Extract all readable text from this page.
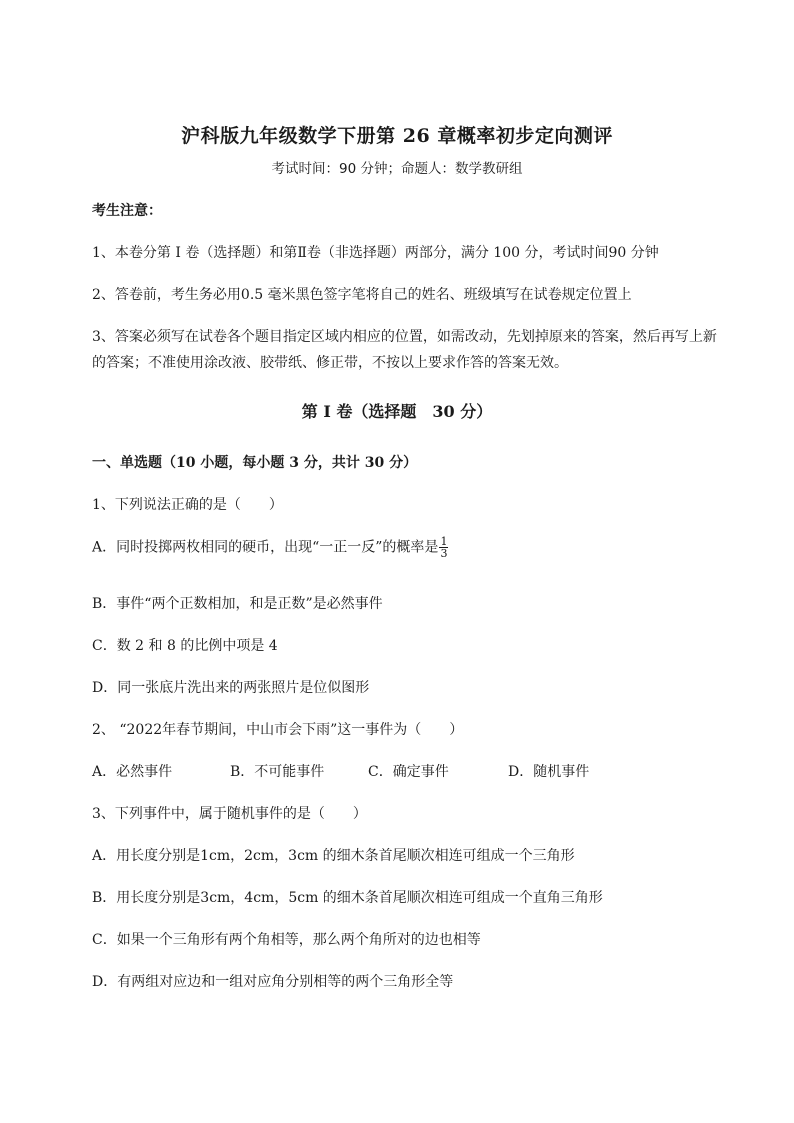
沪科版九年级数学下册第 26 章概率初步定向测评
考试时间：90 分钟；命题人：数学教研组
考生注意：
1、本卷分第 I 卷（选择题）和第Ⅱ卷（非选择题）两部分，满分 100 分，考试时间90 分钟
2、答卷前，考生务必用0.5 毫米黑色签字笔将自己的姓名、班级填写在试卷规定位置上
3、答案必须写在试卷各个题目指定区域内相应的位置，如需改动，先划掉原来的答案，然后再写上新
的答案；不准使用涂改液、胶带纸、修正带，不按以上要求作答的答案无效。
第 I 卷（选择题　30 分）
一、单选题（10 小题，每小题 3 分，共计 30 分）
1、下列说法正确的是（　　）
A．同时投掷两枚相同的硬币，出现“一正一反”的概率是 $\frac{1}{3}$
B．事件“两个正数相加，和是正数”是必然事件
C．数 2 和 8 的比例中项是 4
D．同一张底片洗出来的两张照片是位似图形
2、 “2022年春节期间，中山市会下雨”这一事件为（　　）
A．必然事件	B．不可能事件	C．确定事件	D．随机事件
3、下列事件中，属于随机事件的是（　　）
A．用长度分别是1cm，2cm，3cm 的细木条首尾顺次相连可组成一个三角形
B．用长度分别是3cm，4cm，5cm 的细木条首尾顺次相连可组成一个直角三角形
C．如果一个三角形有两个角相等，那么两个角所对的边也相等
D．有两组对应边和一组对应角分别相等的两个三角形全等
